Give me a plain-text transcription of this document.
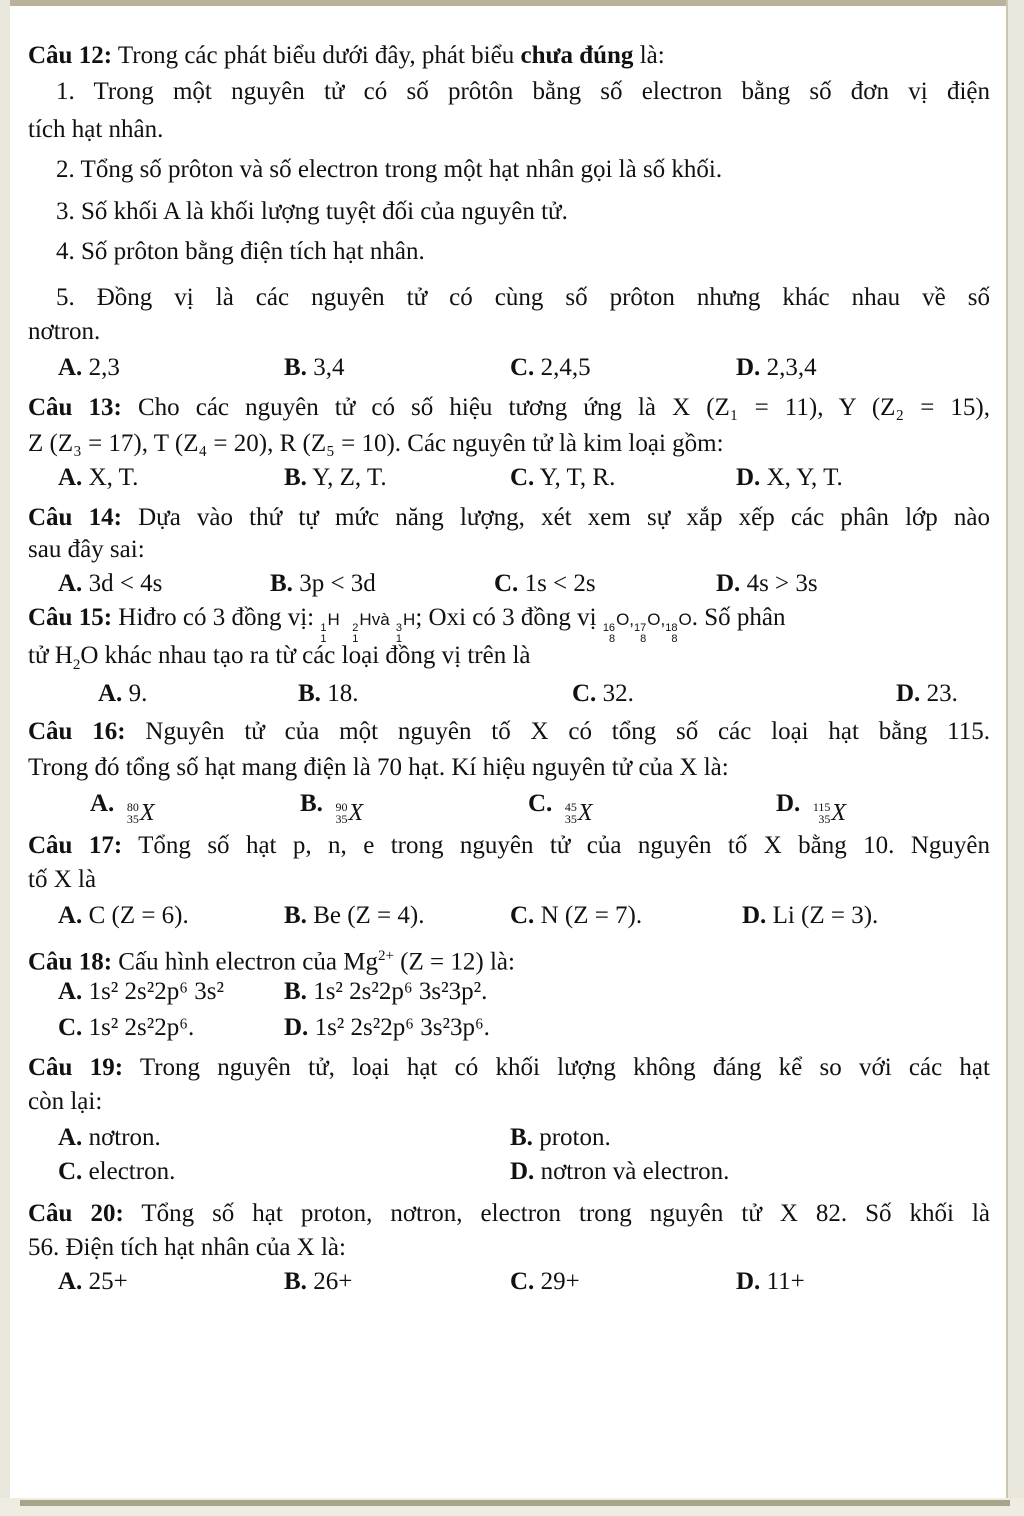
Câu 12: Trong các phát biểu dưới đây, phát biểu chưa đúng là:
1. Trong một nguyên tử có số prôtôn bằng số electron bằng số đơn vị điện
tích hạt nhân.
2. Tổng số prôton và số electron trong một hạt nhân gọi là số khối.
3. Số khối A là khối lượng tuyệt đối của nguyên tử.
4. Số prôton bằng điện tích hạt nhân.
5. Đồng vị là các nguyên tử có cùng số prôton nhưng khác nhau về số
nơtron.
A. 2,3	B. 3,4	C. 2,4,5	D. 2,3,4
Câu 13: Cho các nguyên tử có số hiệu tương ứng là X (Z₁ = 11), Y (Z₂ = 15),
Z (Z₃ = 17), T (Z₄ = 20), R (Z₅ = 10). Các nguyên tử là kim loại gồm:
A. X, T.	B. Y, Z, T.	C. Y, T, R.	D. X, Y, T.
Câu 14: Dựa vào thứ tự mức năng lượng, xét xem sự xắp xếp các phân lớp nào
sau đây sai:
A. 3d < 4s	B. 3p < 3d	C. 1s < 2s	D. 4s > 3s
Câu 15: Hiđro có 3 đồng vị: 1
1
H 2
1
Hvà 3
1
H; Oxi có 3 đồng vị 16
8
O, 17
8
O, 18
8
O. Số phân
tử $H_2O$ khác nhau tạo ra từ các loại đồng vị trên là
A. 9.	B. 18.	C. 32.	D. 23.
Câu 16: Nguyên tử của một nguyên tố X có tổng số các loại hạt bằng 115.
Trong đó tổng số hạt mang điện là 70 hạt. Kí hiệu nguyên tử của X là:
A. 80
35 X	B. 90
35 X	C. 45
35 X	D. 115
35 X
Câu 17: Tổng số hạt p, n, e trong nguyên tử của nguyên tố X bằng 10. Nguyên
tố X là
A. C (Z = 6).	B. Be (Z = 4).	C. N (Z = 7).	D. Li (Z = 3).
Câu 18: Cấu hình electron của $Mg^{2+}$ (Z = 12) là:
A. 1s² 2s²2p⁶ 3s² B. 1s² 2s²2p⁶ 3s²3p².
C. 1s² 2s²2p⁶.	D. 1s² 2s²2p⁶ 3s²3p⁶.
Câu 19: Trong nguyên tử, loại hạt có khối lượng không đáng kể so với các hạt
còn lại:
A. nơtron.	B. proton.
C. electron.	D. nơtron và electron.
Câu 20: Tổng số hạt proton, nơtron, electron trong nguyên tử X 82. Số khối là
56. Điện tích hạt nhân của X là:
A. 25+	B. 26+	C. 29+	D. 11+
